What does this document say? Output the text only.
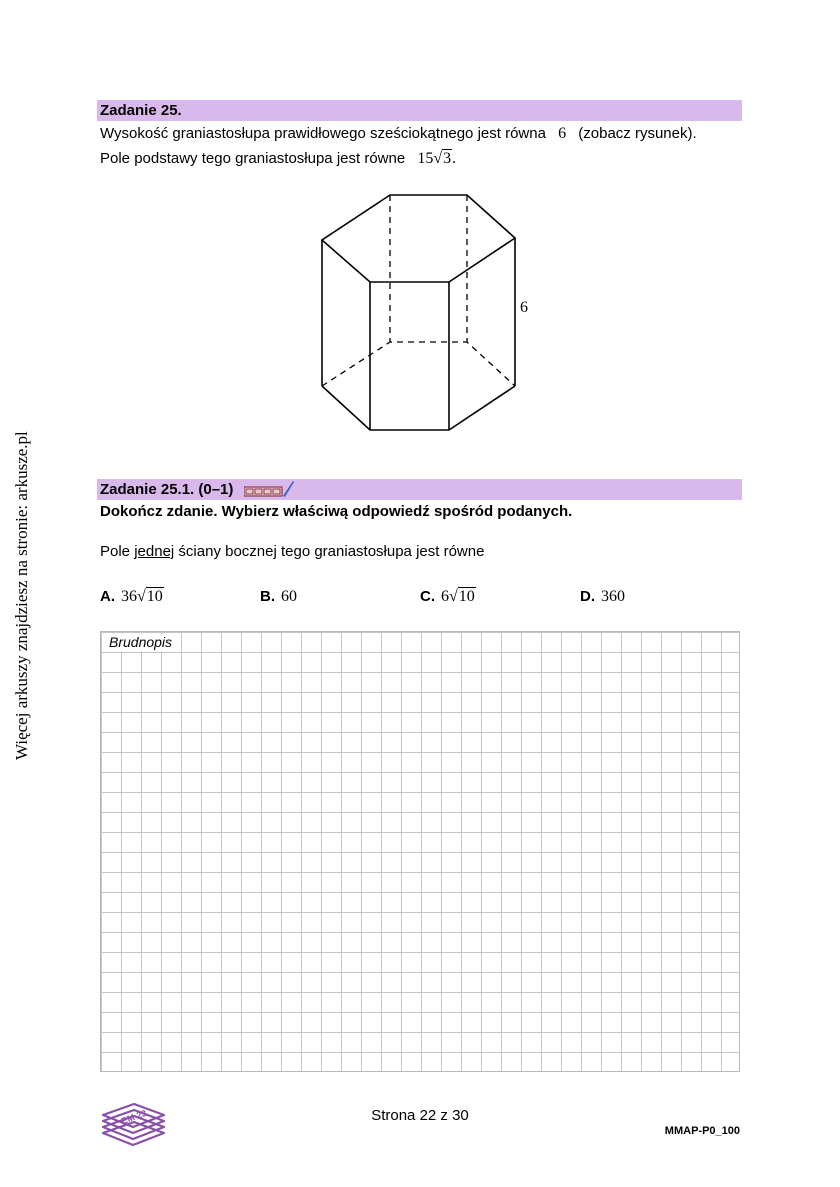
Więcej arkuszy znajdziesz na stronie: arkusze.pl
Zadanie 25.
Wysokość graniastosłupa prawidłowego sześciokątnego jest równa 6 (zobacz rysunek).
Pole podstawy tego graniastosłupa jest równe 15√3.
6
Zadanie 25.1. (0–1)
Dokończ zdanie. Wybierz właściwą odpowiedź spośród podanych.
Pole jednej ściany bocznej tego graniastosłupa jest równe
A. 36√10	B. 60	C. 6√10	D. 360
Brudnopis
EM 23	Strona 22 z 30
MMAP-P0_100
